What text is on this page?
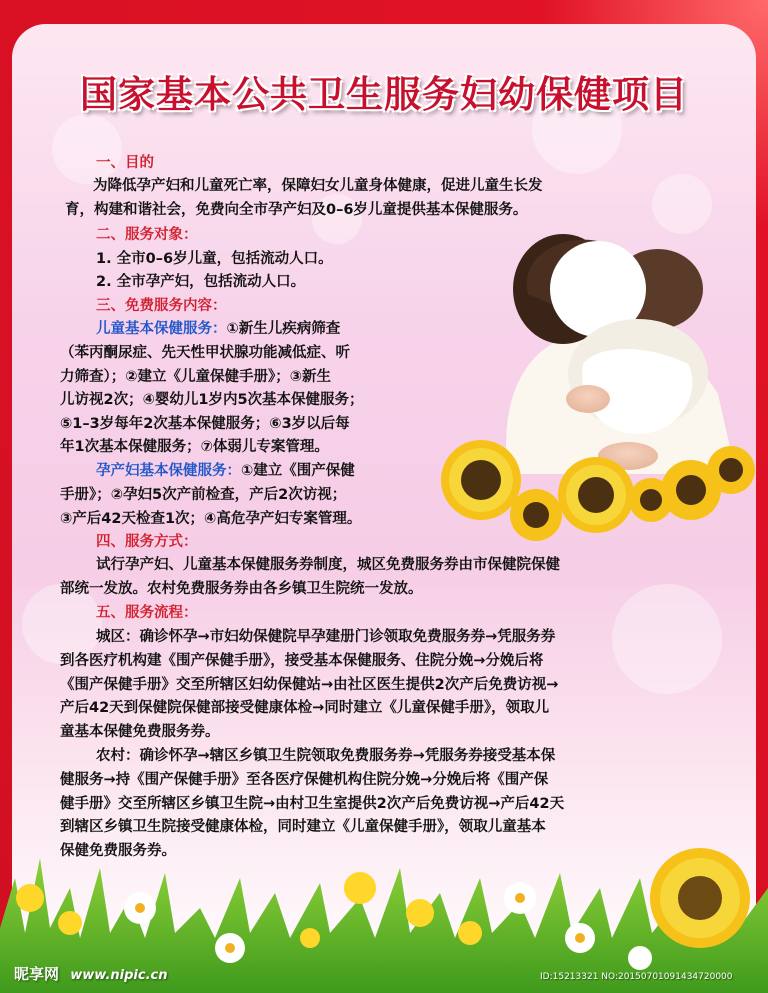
国家基本公共卫生服务妇幼保健项目
一、目的
为降低孕产妇和儿童死亡率，保障妇女儿童身体健康，促进儿童生长发
育，构建和谐社会，免费向全市孕产妇及0–6岁儿童提供基本保健服务。
二、服务对象：
1. 全市0–6岁儿童，包括流动人口。
2. 全市孕产妇，包括流动人口。
三、免费服务内容：
儿童基本保健服务：①新生儿疾病筛查
（苯丙酮尿症、先天性甲状腺功能减低症、听
力筛查）；②建立《儿童保健手册》；③新生
儿访视2次；④婴幼儿1岁内5次基本保健服务；
⑤1–3岁每年2次基本保健服务；⑥3岁以后每
年1次基本保健服务；⑦体弱儿专案管理。
孕产妇基本保健服务：①建立《围产保健
手册》；②孕妇5次产前检查，产后2次访视；
③产后42天检查1次；④高危孕产妇专案管理。
四、服务方式：
试行孕产妇、儿童基本保健服务券制度，城区免费服务券由市保健院保健
部统一发放。农村免费服务券由各乡镇卫生院统一发放。
五、服务流程：
城区：确诊怀孕→市妇幼保健院早孕建册门诊领取免费服务券→凭服务券
到各医疗机构建《围产保健手册》，接受基本保健服务、住院分娩→分娩后将
《围产保健手册》交至所辖区妇幼保健站→由社区医生提供2次产后免费访视→
产后42天到保健院保健部接受健康体检→同时建立《儿童保健手册》，领取儿
童基本保健免费服务券。
农村：确诊怀孕→辖区乡镇卫生院领取免费服务券→凭服务券接受基本保
健服务→持《围产保健手册》至各医疗保健机构住院分娩→分娩后将《围产保
健手册》交至所辖区乡镇卫生院→由村卫生室提供2次产后免费访视→产后42天
到辖区乡镇卫生院接受健康体检，同时建立《儿童保健手册》，领取儿童基本
保健免费服务券。
昵享网 www.nipic.cn	ID:15213321 NO:20150701091434720000
